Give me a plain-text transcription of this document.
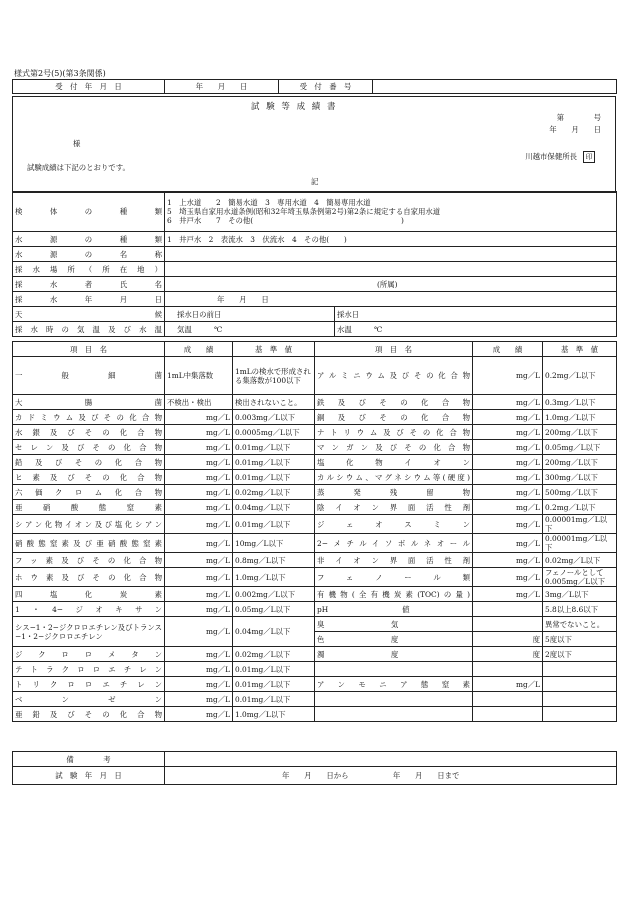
様式第2号(5)(第3条関係)
受　付　年　月　日	年　　月　　日	受　付　番　号	
試 験 等 成 績 書
第　　　　号
年　　月　　日
様
川越市保健所長 印
試験成績は下記のとおりです。
記
検　体　の　種　類	1　上水道　　2　簡易水道　3　専用水道　4　簡易専用水道
5　埼玉県自家用水道条例(昭和32年埼玉県条例第2号)第2条に規定する自家用水道
6　井戸水　　7　その他(　　　　　　　　　　　　　　　　　　　　)	

水　源　の　種　類	1　井戸水　2　表流水　3　伏流水　4　その他(　　)	
水　源　の　名　称		
採 水 場 所 （ 所 在 地 ）		
採　水　者　氏　名	(所属)	
採　水　年　月　日	年　　月　　日	
天　　　　　　　候	採水日の前日	採水日
採 水 時 の 気 温 及 び 水 温	気温　　　℃	水温　　　℃
項　目　名	成　　績	基　準　値	項　目　名	成　　績	基　準　値
一　般　細　菌	1mL中集落数	1mLの検水で形成される集落数が100以下	アルミニウム及びその化合物	mg／L	0.2mg／L以下
大　　腸　　菌	不検出・検出	検出されないこと。	鉄及びその化合物	mg／L	0.3mg／L以下
カドミウム及びその化合物	mg／L	0.003mg／L以下	銅及びその化合物	mg／L	1.0mg／L以下
水銀及びその化合物	mg／L	0.0005mg／L以下	ナトリウム及びその化合物	mg／L	200mg／L以下
セレン及びその化合物	mg／L	0.01mg／L以下	マンガン及びその化合物	mg／L	0.05mg／L以下
鉛及びその化合物	mg／L	0.01mg／L以下	塩　化　物　イ　オ　ン	mg／L	200mg／L以下
ヒ素及びその化合物	mg／L	0.01mg／L以下	カルシウム、マグネシウム等(硬度)	mg／L	300mg／L以下
六価クロム化合物	mg／L	0.02mg／L以下	蒸　発　残　留　物	mg／L	500mg／L以下
亜硝酸態窒素	mg／L	0.04mg／L以下	陰イオン界面活性剤	mg／L	0.2mg／L以下
シアン化物イオン及び塩化シアン	mg／L	0.01mg／L以下	ジェオスミン	mg／L	0.00001mg／L以下
硝酸態窒素及び亜硝酸態窒素	mg／L	10mg／L以下	2−メチルイソボルネオール	mg／L	0.00001mg／L以下
フッ素及びその化合物	mg／L	0.8mg／L以下	非イオン界面活性剤	mg／L	0.02mg／L以下
ホウ素及びその化合物	mg／L	1.0mg／L以下	フェノール類	mg／L	フェノールとして0.005mg／L以下
四　塩　化　炭　素	mg／L	0.002mg／L以下	有機物(全有機炭素(TOC)の量)	mg／L	3mg／L以下
1・4−ジオキサン	mg／L	0.05mg／L以下	pH　　　　　　　　　　値		5.8以上8.6以下
シス−1・2−ジクロロエチレン及びトランス−1・2−ジクロロエチレン	mg／L	0.04mg／L以下	臭　　　　　　　　　気		異常でないこと。
			色　　　　　　　　　度	度	5度以下
ジクロロメタン	mg／L	0.02mg／L以下	濁　　　　　　　　　度	度	2度以下
テトラクロロエチレン	mg／L	0.01mg／L以下			
トリクロロエチレン	mg／L	0.01mg／L以下	アンモニア態窒素	mg／L	
ベ　ン　ゼ　ン	mg／L	0.01mg／L以下			
亜鉛及びその化合物	mg／L	1.0mg／L以下			
備　　　　考	
試　験　年　月　日	年　　月　　日から　　　　　　年　　月　　日まで
